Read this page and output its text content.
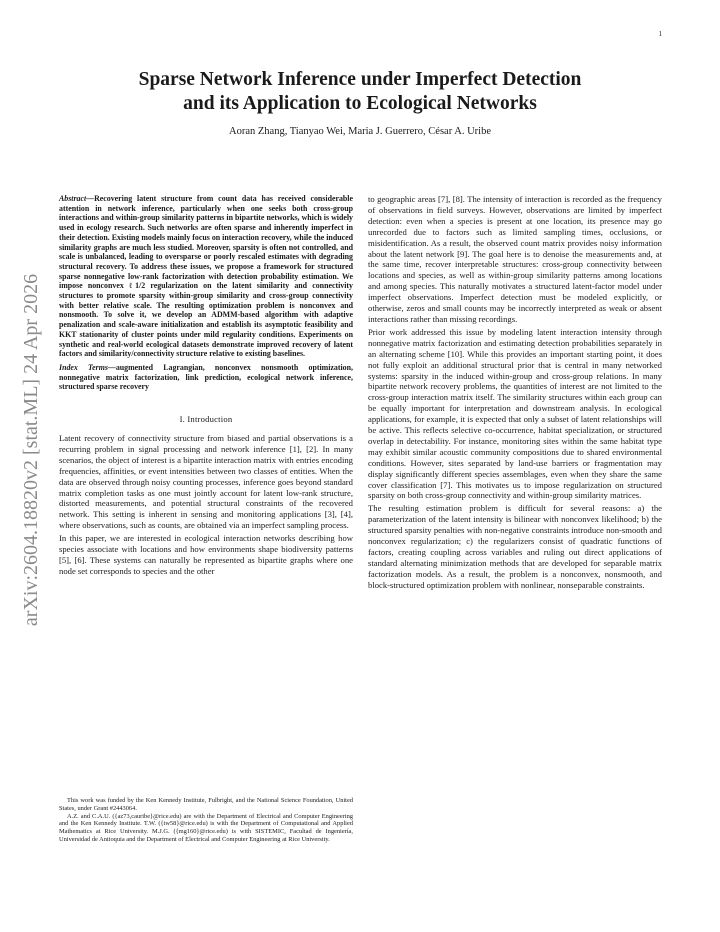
1
arXiv:2604.18820v2 [stat.ML] 24 Apr 2026
Sparse Network Inference under Imperfect Detection
and its Application to Ecological Networks
Aoran Zhang, Tianyao Wei, Maria J. Guerrero, César A. Uribe

Abstract—Recovering latent structure from count data has received considerable attention in network inference, particularly when one seeks both cross-group interactions and within-group similarity patterns in bipartite networks, which is widely used in ecology research. Such networks are often sparse and inherently imperfect in their detection. Existing models mainly focus on interaction recovery, while the induced similarity graphs are much less studied. Moreover, sparsity is often not controlled, and scale is unbalanced, leading to oversparse or poorly rescaled estimates with degrading structural recovery. To address these issues, we propose a framework for structured sparse nonnegative low-rank factorization with detection probability estimation. We impose nonconvex ℓ1/2 regularization on the latent similarity and connectivity structures to promote sparsity within-group similarity and cross-group connectivity with better relative scale. The resulting optimization problem is nonconvex and nonsmooth. To solve it, we develop an ADMM-based algorithm with adaptive penalization and scale-aware initialization and establish its asymptotic feasibility and KKT stationarity of cluster points under mild regularity conditions. Experiments on synthetic and real-world ecological datasets demonstrate improved recovery of latent factors and similarity/connectivity structure relative to existing baselines.

Index Terms—augmented Lagrangian, nonconvex nonsmooth optimization, nonnegative matrix factorization, link prediction, ecological network inference, structured sparse recovery

I. Introduction

Latent recovery of connectivity structure from biased and partial observations is a recurring problem in signal processing and network inference [1], [2]. In many scenarios, the object of interest is a bipartite interaction matrix with entries encoding frequencies, affinities, or event intensities between two classes of entities. When the data are observed through noisy counting processes, inference goes beyond standard matrix completion tasks as one must jointly account for latent low-rank structure, distorted measurements, and potential structural constraints of the recovered network. This setting is inherent in sensing and monitoring applications [3], [4], where observations, such as counts, are obtained via an imperfect sampling process.

In this paper, we are interested in ecological interaction networks describing how species associate with locations and how environments shape biodiversity patterns [5], [6]. These systems can naturally be represented as bipartite graphs where one node set corresponds to species and the other

This work was funded by the Ken Kennedy Institute, Fulbright, and the National Science Foundation, United States, under Grant #2443064.

A.Z. and C.A.U. ({az73,cauribe}@rice.edu) are with the Department of Electrical and Computer Engineering and the Ken Kennedy Institute. T.W. ({tw58}@rice.edu) is with the Department of Computational and Applied Mathematics at Rice University. M.J.G. ({mg160}@rice.edu) is with SISTEMIC, Facultad de Ingeniería, Universidad de Antioquia and the Department of Electrical and Computer Engineering at Rice University.

to geographic areas [7], [8]. The intensity of interaction is recorded as the frequency of observations in field surveys. However, observations are limited by imperfect detection: even when a species is present at one location, its presence may go unrecorded due to factors such as limited sampling times, occlusions, or misidentification. As a result, the observed count matrix provides noisy information about the latent network [9]. The goal here is to denoise the measurements and, at the same time, recover interpretable structures: cross-group connectivity between locations and species, as well as within-group similarity patterns among locations and among species. This naturally motivates a structured latent-factor model under imperfect observations. Imperfect detection must be modeled explicitly, or otherwise, zeros and small counts may be incorrectly interpreted as weak or absent interactions rather than missing recordings.

Prior work addressed this issue by modeling latent interaction intensity through nonnegative matrix factorization and estimating detection probabilities separately in an alternating scheme [10]. While this provides an important starting point, it does not fully exploit an additional structural prior that is central in many networked systems: sparsity in the induced within-group and cross-group relations. In many bipartite network recovery problems, the quantities of interest are not limited to the cross-group interaction matrix itself. The similarity structures within each group can be equally important for interpretation and downstream analysis. In ecological applications, for example, it is expected that only a subset of latent relationships will be active. This reflects selective co-occurrence, habitat specialization, or structured overlap in detectability. For instance, monitoring sites within the same habitat type may exhibit similar acoustic community compositions due to shared environmental conditions. However, sites separated by land-use barriers or fragmentation may display significantly different species assemblages, even when they share the same cover classification [7]. This motivates us to impose regularization on structured sparsity on both cross-group connectivity and within-group similarity matrices.

The resulting estimation problem is difficult for several reasons: a) the parameterization of the latent intensity is bilinear with nonconvex likelihood; b) the structured sparsity penalties with non-negative constraints introduce non-smooth and nonconvex regularization; c) the regularizers consist of quadratic functions of factors, creating coupling across variables and ruling out direct applications of standard alternating minimization methods that are developed for separable matrix factorization models. As a result, the problem is a nonconvex, nonsmooth, and block-structured optimization problem with nonlinear, nonseparable constraints.
